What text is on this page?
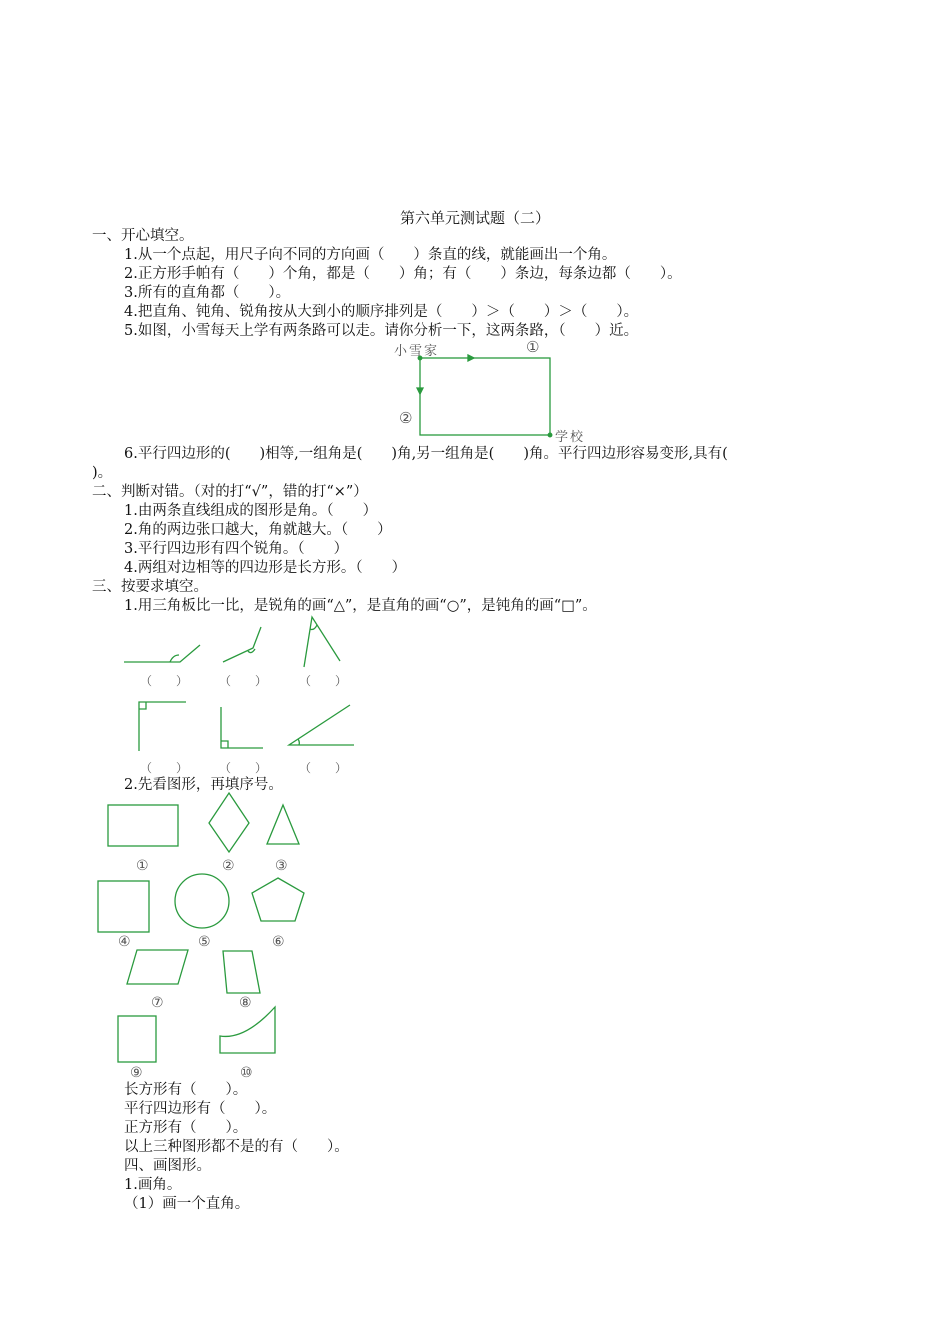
第六单元测试题（二）
一、开心填空。
1.从一个点起，用尺子向不同的方向画（　　）条直的线，就能画出一个角。
2.正方形手帕有（　　）个角，都是（　　）角；有（　　）条边，每条边都（　　）。
3.所有的直角都（　　）。
4.把直角、钝角、锐角按从大到小的顺序排列是（　　）＞（　　）＞（　　）。
5.如图，小雪每天上学有两条路可以走。请你分析一下，这两条路，（　　）近。
小雪家	①
②
学校
6.平行四边形的(　　)相等,一组角是(　　)角,另一组角是(　　)角。平行四边形容易变形,具有(
)。
二、判断对错。（对的打“√”，错的打“×”）
1.由两条直线组成的图形是角。（　　）
2.角的两边张口越大，角就越大。（　　）
3.平行四边形有四个锐角。（　　）
4.两组对边相等的四边形是长方形。（　　）
三、按要求填空。
1.用三角板比一比，是锐角的画“△”，是直角的画“○”，是钝角的画“□”。
（　　）	（　　）	（　　）
（　　）	（　　）	（　　）
2.先看图形，再填序号。
①	②	③
④	⑤	⑥
⑦	⑧
⑨	⑩
长方形有（　　）。
平行四边形有（　　）。
正方形有（　　）。
以上三种图形都不是的有（　　）。
四、画图形。
1.画角。
（1）画一个直角。
